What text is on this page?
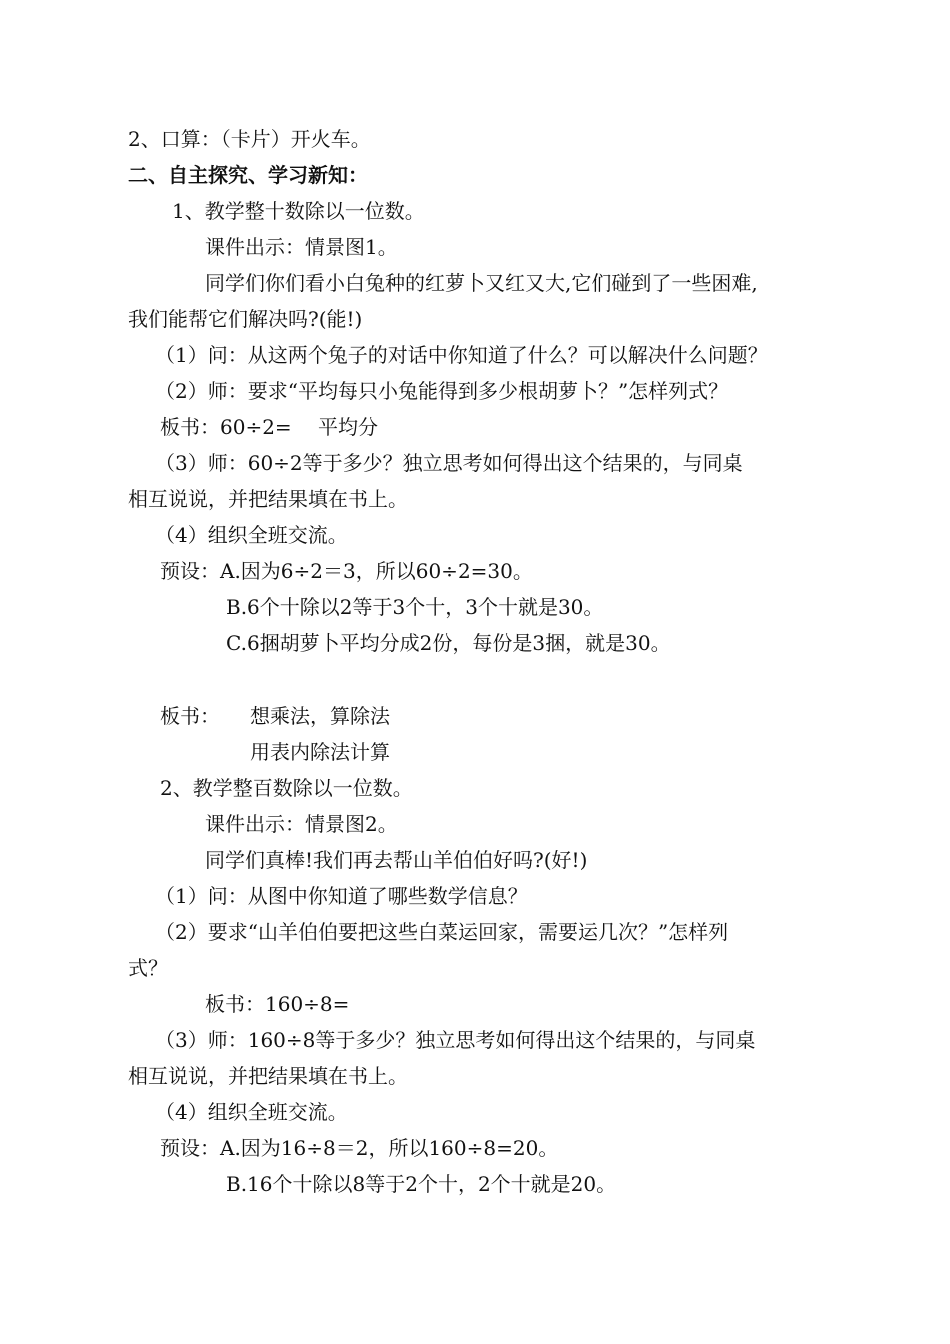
2、口算：（卡片）开火车。
二、自主探究、学习新知：
1、教学整十数除以一位数。
课件出示：情景图1。
同学们你们看小白兔种的红萝卜又红又大,它们碰到了一些困难,
我们能帮它们解决吗?(能!)
（1）问：从这两个兔子的对话中你知道了什么？可以解决什么问题？
（2）师：要求“平均每只小兔能得到多少根胡萝卜？”怎样列式？
板书：60÷2=　 平均分
（3）师：60÷2等于多少？独立思考如何得出这个结果的，与同桌
相互说说，并把结果填在书上。
（4）组织全班交流。
预设：A.因为6÷2＝3，所以60÷2=30。
B.6个十除以2等于3个十，3个十就是30。
C.6捆胡萝卜平均分成2份，每份是3捆，就是30。
板书： 想乘法，算除法
用表内除法计算
2、教学整百数除以一位数。
课件出示：情景图2。
同学们真棒!我们再去帮山羊伯伯好吗?(好!)
（1）问：从图中你知道了哪些数学信息？
（2）要求“山羊伯伯要把这些白菜运回家，需要运几次？”怎样列
式？
板书：160÷8=
（3）师：160÷8等于多少？独立思考如何得出这个结果的，与同桌
相互说说，并把结果填在书上。
（4）组织全班交流。
预设：A.因为16÷8＝2，所以160÷8=20。
B.16个十除以8等于2个十，2个十就是20。
